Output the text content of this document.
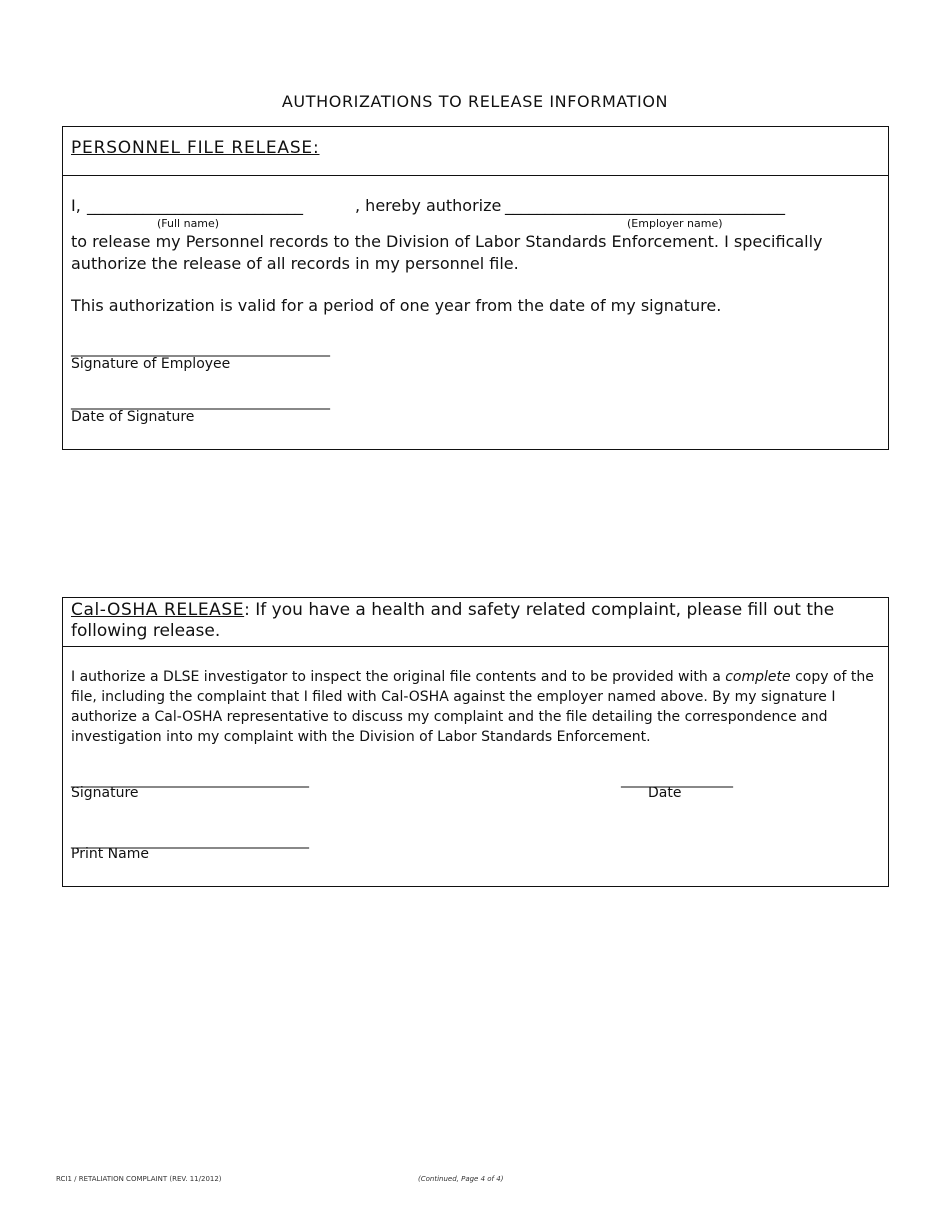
AUTHORIZATIONS TO RELEASE INFORMATION
PERSONNEL FILE RELEASE:
I, ___________________________	, hereby authorize ___________________________________
(Full name)	(Employer name)
to release my Personnel records to the Division of Labor Standards Enforcement. I specifically
authorize the release of all records in my personnel file.
This authorization is valid for a period of one year from the date of my signature.
_____________________________________
Signature of Employee
_____________________________________
Date of Signature
Cal-OSHA RELEASE: If you have a health and safety related complaint, please fill out the following release.
I authorize a DLSE investigator to inspect the original file contents and to be provided with a complete copy of the file, including the complaint that I filed with Cal-OSHA against the employer named above. By my signature I authorize a Cal-OSHA representative to discuss my complaint and the file detailing the correspondence and investigation into my complaint with the Division of Labor Standards Enforcement.
__________________________________
Signature
________________
Date
__________________________________
Print Name
RCI1 / RETALIATION COMPLAINT (REV. 11/2012)	(Continued, Page 4 of 4)
